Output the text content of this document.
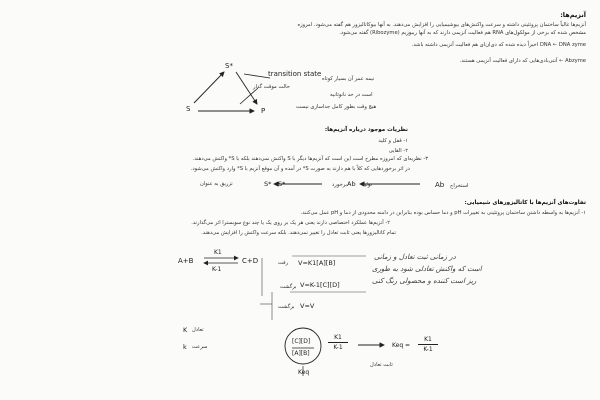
آنزیم‌ها:
آنزیم‌ها غالباً ساختمان پروتئینی داشته و سرعت واکنش‌های بیوشیمیایی را افزایش می‌دهند. به آنها بیوکاتالیزور هم گفته می‌شود. امروزه
مشخص شده که برخی از مولکول‌های RNA هم فعالیت آنزیمی دارند که به آنها ریبوزیم (Ribozyme) گفته می‌شود.
DNA ← DNA zyme اخیراً دیده شده که دی‌ان‌ای هم فعالیت آنزیمی داشته باشد.
Abzyme ← آنتی‌بادی‌هایی که دارای فعالیت آنزیمی هستند.
S*
S	P
transition state
حالت موقت گذار
نیمه عمر آن بسیار کوتاه
است در حد نانوثانیه
هیچ وقت بطور کامل جداسازی نیست
نظریات موجود درباره آنزیم‌ها:
۱- قفل و کلید
۲- القایی
۳- نظریه‌ای که امروزه مطرح است این است که آنزیم‌ها دیگر با S واکنش نمی‌دهند بلکه با S* واکنش می‌دهند.
در اثر برخوردهایی که کلاً با هم دارند به صورت S* در آمده و آن موقع آنزیم با S* وارد واکنش می‌شود.
تزریق به عنوان	S* S*	برخورد Ab تولید	Ab استخراج
تفاوت‌های آنزیم‌ها با کاتالیزورهای شیمیایی:
۱- آنزیم‌ها به واسطه داشتن ساختمان پروتئینی به تغییرات pH و دما حساس بوده بنابراین در دامنه محدودی از دما و pH عمل می‌کنند.
۲- آنزیم‌ها عملکرد اختصاصی دارند یعنی هر یک بر روی یک یا چند نوع سوبسترا اثر می‌گذارند.
تمام کاتالیزورها یعنی ثابت تعادل را تغییر نمی‌دهند. بلکه سرعت واکنش را افزایش می‌دهند.
A+B
K1
K-1
C+D	V=K1[A][B]
رفت
V=K-1[C][D]
برگشت
V=V
برگشت
در زمانی ثبت تعادل و زمانی
است که واکنش تعادلی شود به طوری
ریز است کننده و محصولی رنگ کنی
K تعادل
k سرعت
[C][D]
[A][B]
Keq
K1
K-1	Keq =
K1
K-1
ثابت تعادل
